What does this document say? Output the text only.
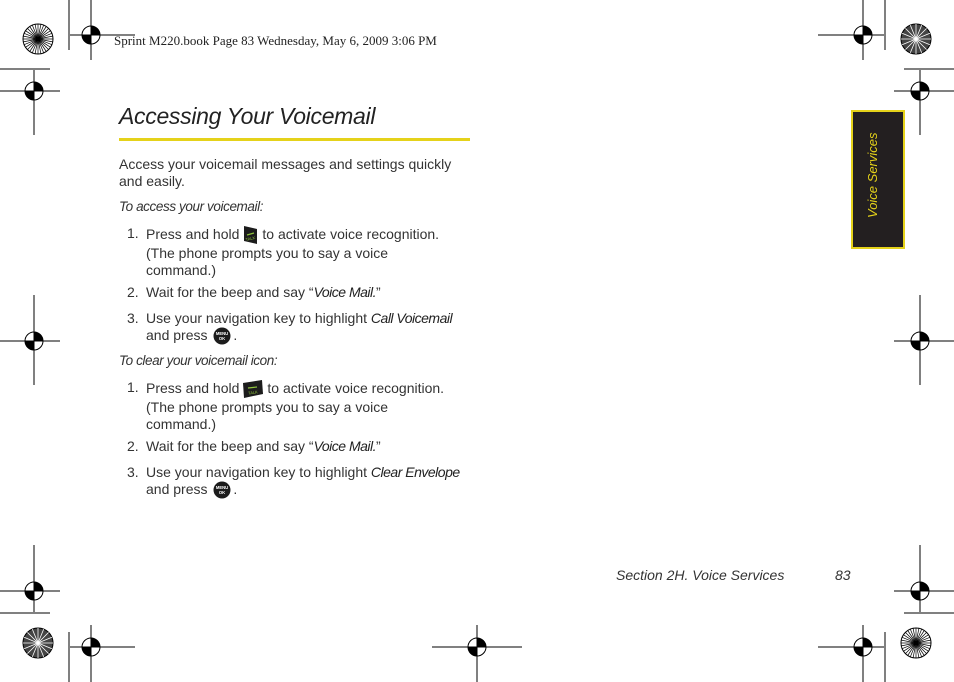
Sprint M220.book Page 83 Wednesday, May 6, 2009 3:06 PM
Accessing Your Voicemail

Access your voicemail messages and settings quickly and easily.

To access your voicemail:

1. Press and hold TALK to activate voice recognition.
(The phone prompts you to say a voice
command.)
2. Wait for the beep and say “Voice Mail.”
3. Use your navigation key to highlight Call Voicemail
and press MENU
OK .

To clear your voicemail icon:

1. Press and hold TALK to activate voice recognition.
(The phone prompts you to say a voice
command.)
2. Wait for the beep and say “Voice Mail.”
3. Use your navigation key to highlight Clear Envelope
and press MENU
OK .
Voice Services
Section 2H. Voice Services	83
